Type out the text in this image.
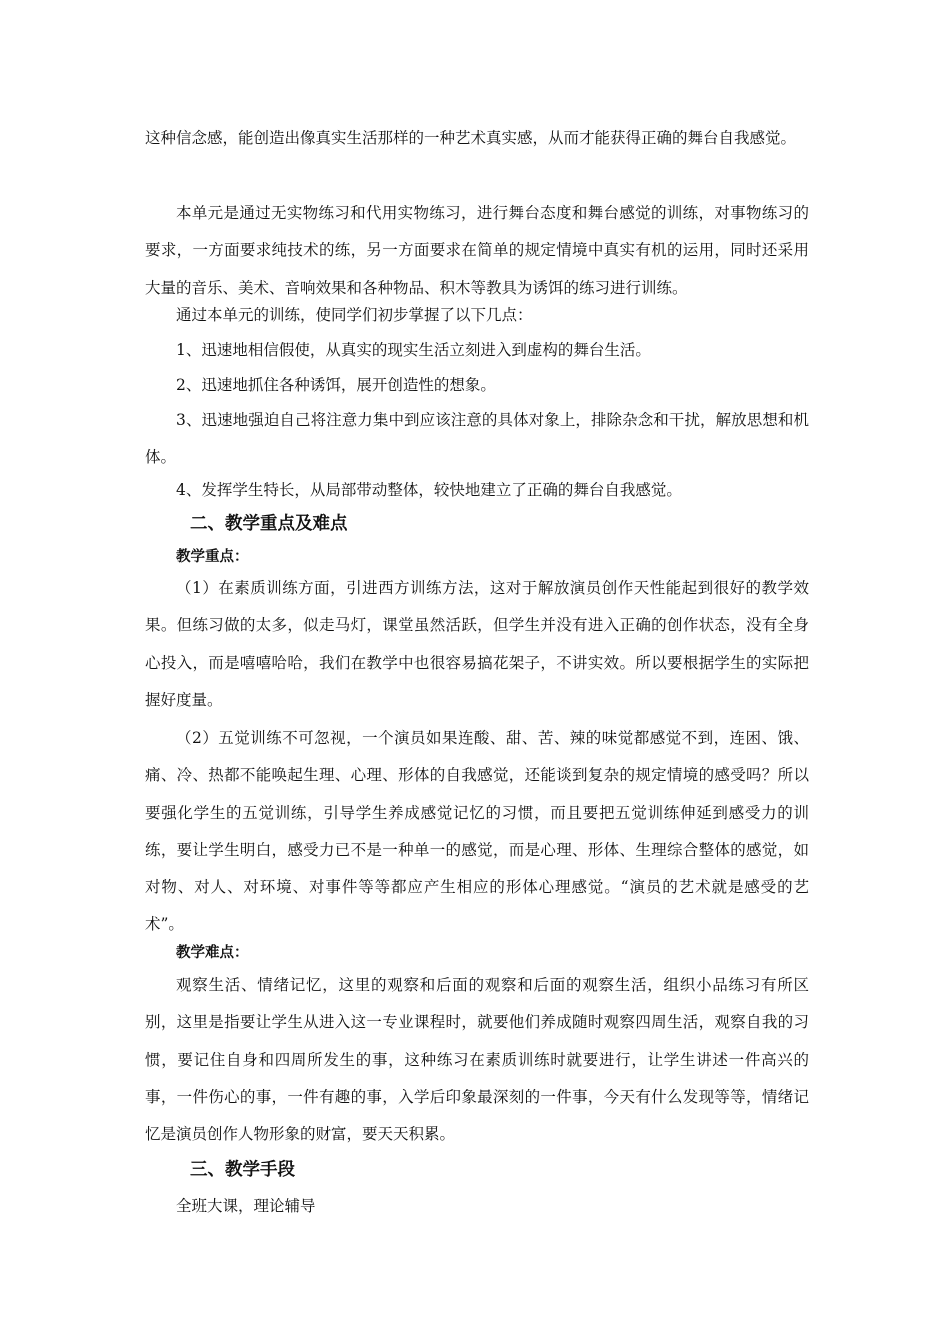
这种信念感，能创造出像真实生活那样的一种艺术真实感，从而才能获得正确的舞台自我感觉。

本单元是通过无实物练习和代用实物练习，进行舞台态度和舞台感觉的训练，对事物练习的要求，一方面要求纯技术的练，另一方面要求在简单的规定情境中真实有机的运用，同时还采用大量的音乐、美术、音响效果和各种物品、积木等教具为诱饵的练习进行训练。

通过本单元的训练，使同学们初步掌握了以下几点：

1、迅速地相信假使，从真实的现实生活立刻进入到虚构的舞台生活。

2、迅速地抓住各种诱饵，展开创造性的想象。

3、迅速地强迫自己将注意力集中到应该注意的具体对象上，排除杂念和干扰，解放思想和机体。

4、发挥学生特长，从局部带动整体，较快地建立了正确的舞台自我感觉。

二、教学重点及难点
教学重点：

（1）在素质训练方面，引进西方训练方法，这对于解放演员创作天性能起到很好的教学效果。但练习做的太多，似走马灯，课堂虽然活跃，但学生并没有进入正确的创作状态，没有全身心投入，而是嘻嘻哈哈，我们在教学中也很容易搞花架子，不讲实效。所以要根据学生的实际把握好度量。

（2）五觉训练不可忽视，一个演员如果连酸、甜、苦、辣的味觉都感觉不到，连困、饿、痛、冷、热都不能唤起生理、心理、形体的自我感觉，还能谈到复杂的规定情境的感受吗？所以要强化学生的五觉训练，引导学生养成感觉记忆的习惯，而且要把五觉训练伸延到感受力的训练，要让学生明白，感受力已不是一种单一的感觉，而是心理、形体、生理综合整体的感觉，如对物、对人、对环境、对事件等等都应产生相应的形体心理感觉。“演员的艺术就是感受的艺术”。

教学难点：

观察生活、情绪记忆，这里的观察和后面的观察和后面的观察生活，组织小品练习有所区别，这里是指要让学生从进入这一专业课程时，就要他们养成随时观察四周生活，观察自我的习惯，要记住自身和四周所发生的事，这种练习在素质训练时就要进行，让学生讲述一件高兴的事，一件伤心的事，一件有趣的事，入学后印象最深刻的一件事，今天有什么发现等等，情绪记忆是演员创作人物形象的财富，要天天积累。

三、教学手段

全班大课，理论辅导
